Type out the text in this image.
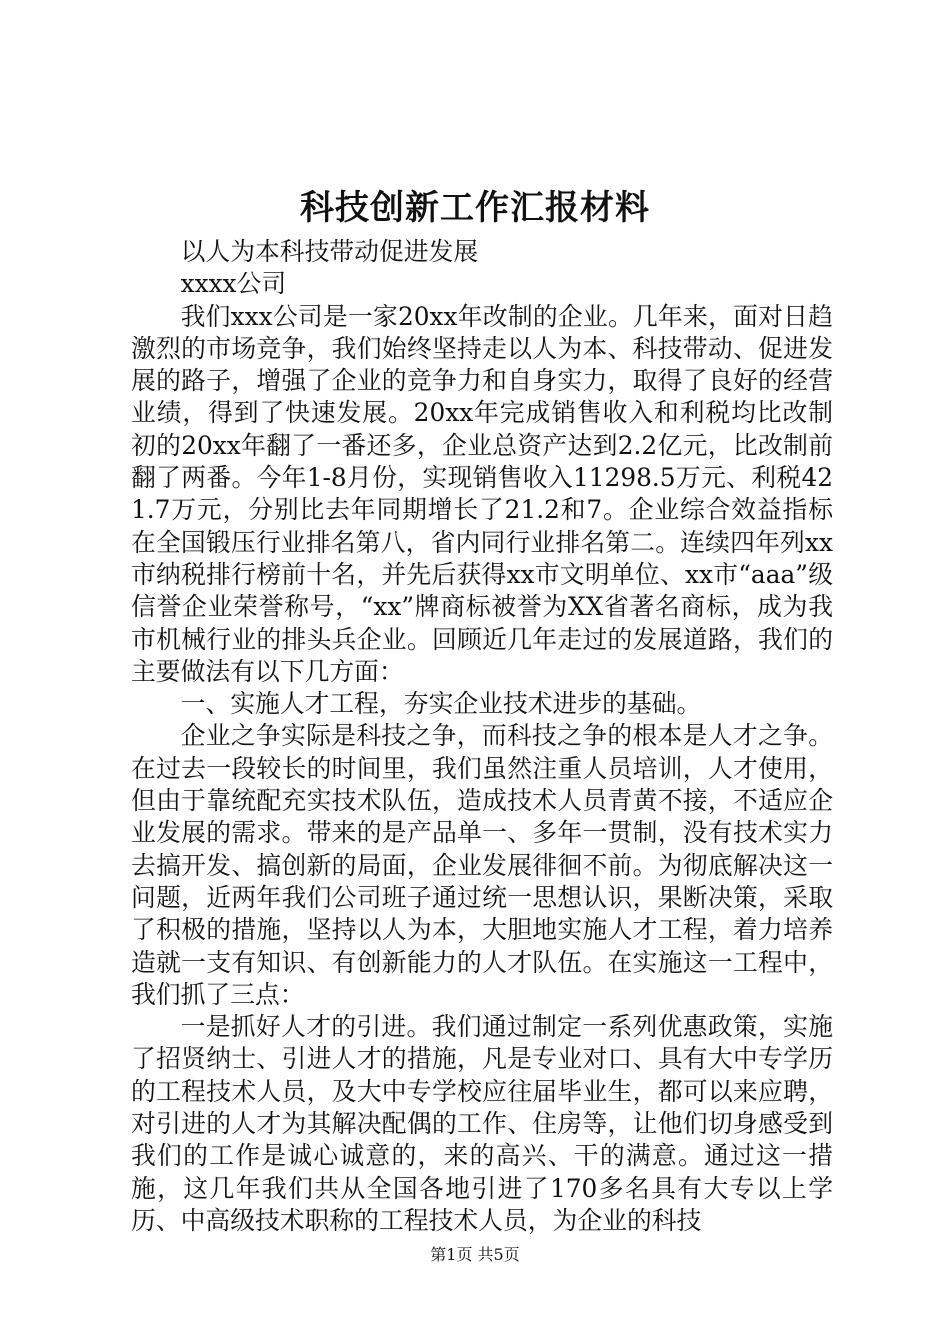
科技创新工作汇报材料

以人为本科技带动促进发展

xxxx公司

我们xxx公司是一家20xx年改制的企业。几年来，面对日趋激烈的市场竞争，我们始终坚持走以人为本、科技带动、促进发展的路子，增强了企业的竞争力和自身实力，取得了良好的经营业绩，得到了快速发展。20xx年完成销售收入和利税均比改制初的20xx年翻了一番还多，企业总资产达到2.2亿元，比改制前翻了两番。今年1-8月份，实现销售收入11298.5万元、利税421.7万元，分别比去年同期增长了21.2和7。企业综合效益指标在全国锻压行业排名第八，省内同行业排名第二。连续四年列xx市纳税排行榜前十名，并先后获得xx市文明单位、xx市“aaa”级信誉企业荣誉称号，“xx”牌商标被誉为XX省著名商标，成为我市机械行业的排头兵企业。回顾近几年走过的发展道路，我们的主要做法有以下几方面：

一、实施人才工程，夯实企业技术进步的基础。

企业之争实际是科技之争，而科技之争的根本是人才之争。在过去一段较长的时间里，我们虽然注重人员培训，人才使用，但由于靠统配充实技术队伍，造成技术人员青黄不接，不适应企业发展的需求。带来的是产品单一、多年一贯制，没有技术实力去搞开发、搞创新的局面，企业发展徘徊不前。为彻底解决这一问题，近两年我们公司班子通过统一思想认识，果断决策，采取了积极的措施，坚持以人为本，大胆地实施人才工程，着力培养造就一支有知识、有创新能力的人才队伍。在实施这一工程中，我们抓了三点：

一是抓好人才的引进。我们通过制定一系列优惠政策，实施了招贤纳士、引进人才的措施，凡是专业对口、具有大中专学历的工程技术人员，及大中专学校应往届毕业生，都可以来应聘，对引进的人才为其解决配偶的工作、住房等，让他们切身感受到我们的工作是诚心诚意的，来的高兴、干的满意。通过这一措施，这几年我们共从全国各地引进了170多名具有大专以上学历、中高级技术职称的工程技术人员，为企业的科技

第1页 共5页
